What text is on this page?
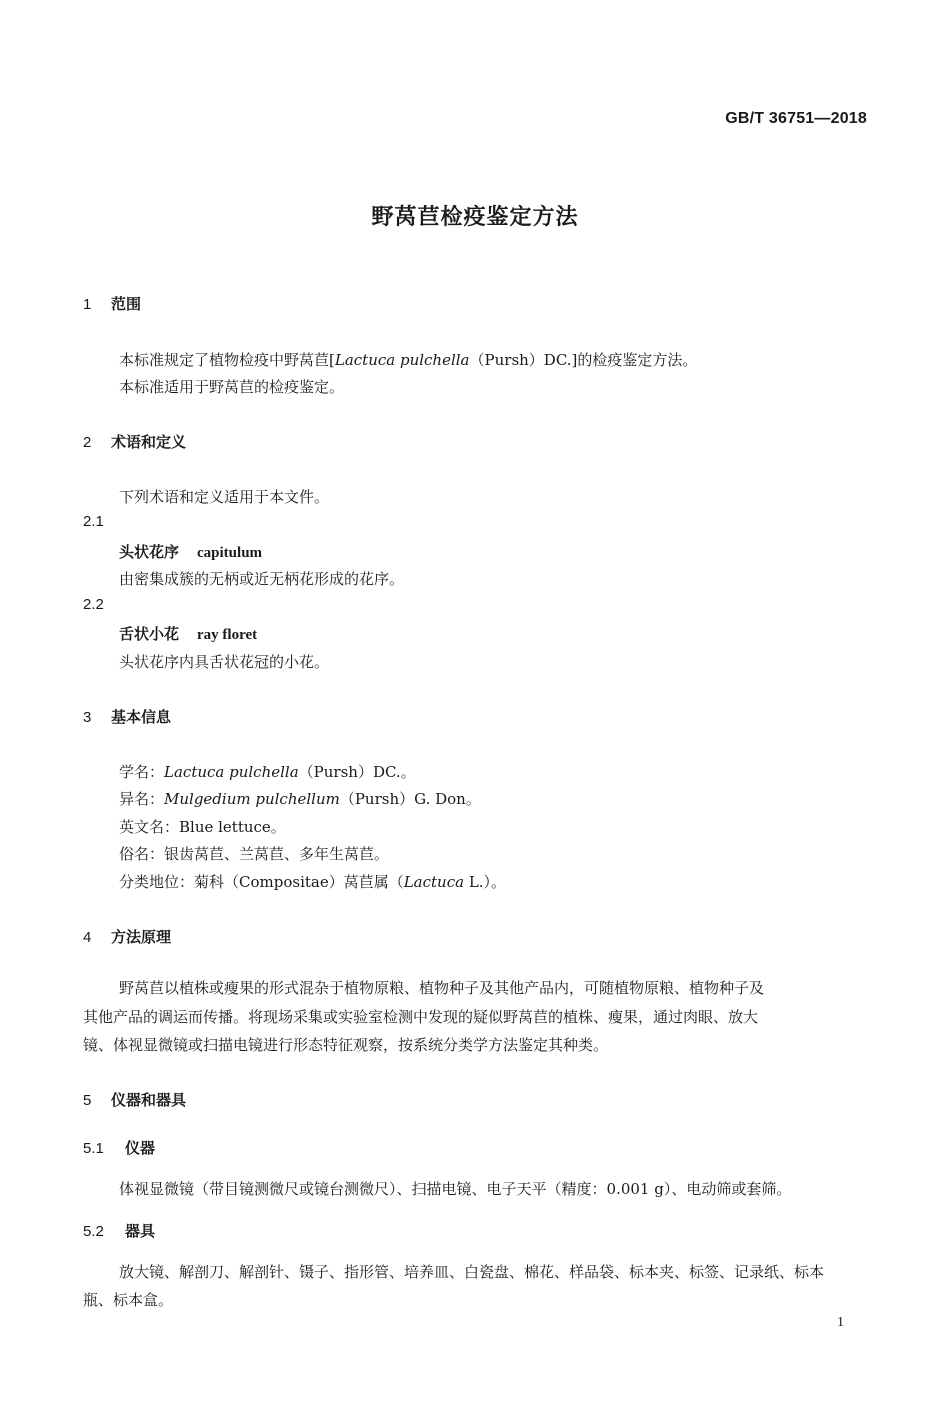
GB/T 36751—2018
野莴苣检疫鉴定方法
1 范围
本标准规定了植物检疫中野莴苣[Lactuca pulchella（Pursh）DC.]的检疫鉴定方法。
本标准适用于野莴苣的检疫鉴定。
2 术语和定义
下列术语和定义适用于本文件。
2.1
头状花序 capitulum
由密集成簇的无柄或近无柄花形成的花序。
2.2
舌状小花 ray floret
头状花序内具舌状花冠的小花。
3 基本信息
学名：Lactuca pulchella（Pursh）DC.。
异名：Mulgedium pulchellum（Pursh）G. Don。
英文名：Blue lettuce。
俗名：银齿莴苣、兰莴苣、多年生莴苣。
分类地位：菊科（Compositae）莴苣属（Lactuca L.）。
4 方法原理
野莴苣以植株或瘦果的形式混杂于植物原粮、植物种子及其他产品内，可随植物原粮、植物种子及
其他产品的调运而传播。将现场采集或实验室检测中发现的疑似野莴苣的植株、瘦果，通过肉眼、放大
镜、体视显微镜或扫描电镜进行形态特征观察，按系统分类学方法鉴定其种类。
5 仪器和器具
5.1 仪器
体视显微镜（带目镜测微尺或镜台测微尺）、扫描电镜、电子天平（精度：0.001 g）、电动筛或套筛。
5.2 器具
放大镜、解剖刀、解剖针、镊子、指形管、培养皿、白瓷盘、棉花、样品袋、标本夹、标签、记录纸、标本
瓶、标本盒。
1
